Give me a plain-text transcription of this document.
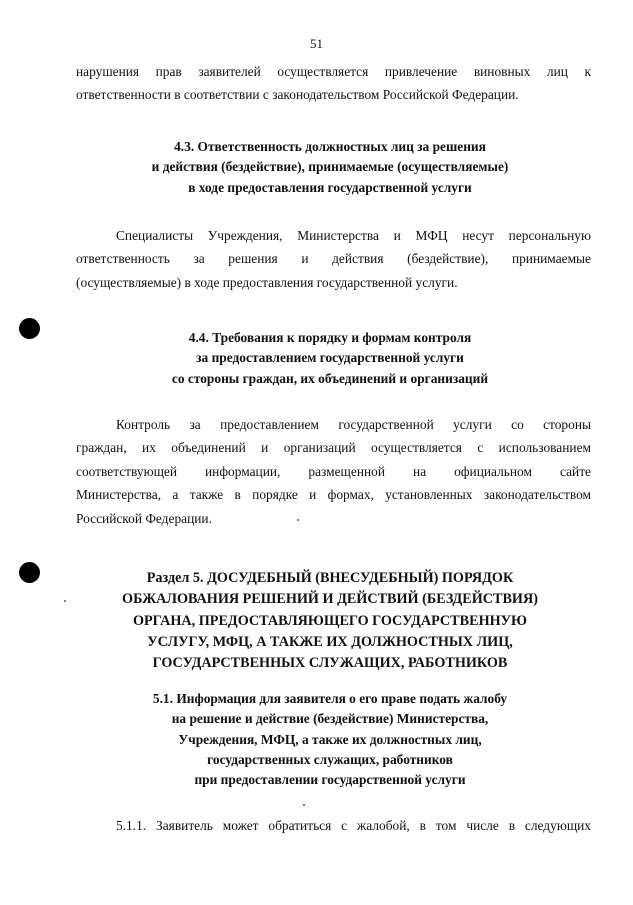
51
нарушения прав заявителей осуществляется привлечение виновных лиц к
ответственности в соответствии с законодательством Российской Федерации.
4.3. Ответственность должностных лиц за решения
и действия (бездействие), принимаемые (осуществляемые)
в ходе предоставления государственной услуги
Специалисты Учреждения, Министерства и МФЦ несут персональную
ответственность за решения и действия (бездействие), принимаемые
(осуществляемые) в ходе предоставления государственной услуги.
4.4. Требования к порядку и формам контроля
за предоставлением государственной услуги
со стороны граждан, их объединений и организаций
Контроль за предоставлением государственной услуги со стороны
граждан, их объединений и организаций осуществляется с использованием
соответствующей информации, размещенной на официальном сайте
Министерства, а также в порядке и формах, установленных законодательством
Российской Федерации.
Раздел 5. ДОСУДЕБНЫЙ (ВНЕСУДЕБНЫЙ) ПОРЯДОК
ОБЖАЛОВАНИЯ РЕШЕНИЙ И ДЕЙСТВИЙ (БЕЗДЕЙСТВИЯ)
ОРГАНА, ПРЕДОСТАВЛЯЮЩЕГО ГОСУДАРСТВЕННУЮ
УСЛУГУ, МФЦ, А ТАКЖЕ ИХ ДОЛЖНОСТНЫХ ЛИЦ,
ГОСУДАРСТВЕННЫХ СЛУЖАЩИХ, РАБОТНИКОВ
5.1. Информация для заявителя о его праве подать жалобу
на решение и действие (бездействие) Министерства,
Учреждения, МФЦ, а также их должностных лиц,
государственных служащих, работников
при предоставлении государственной услуги
5.1.1. Заявитель может обратиться с жалобой, в том числе в следующих
